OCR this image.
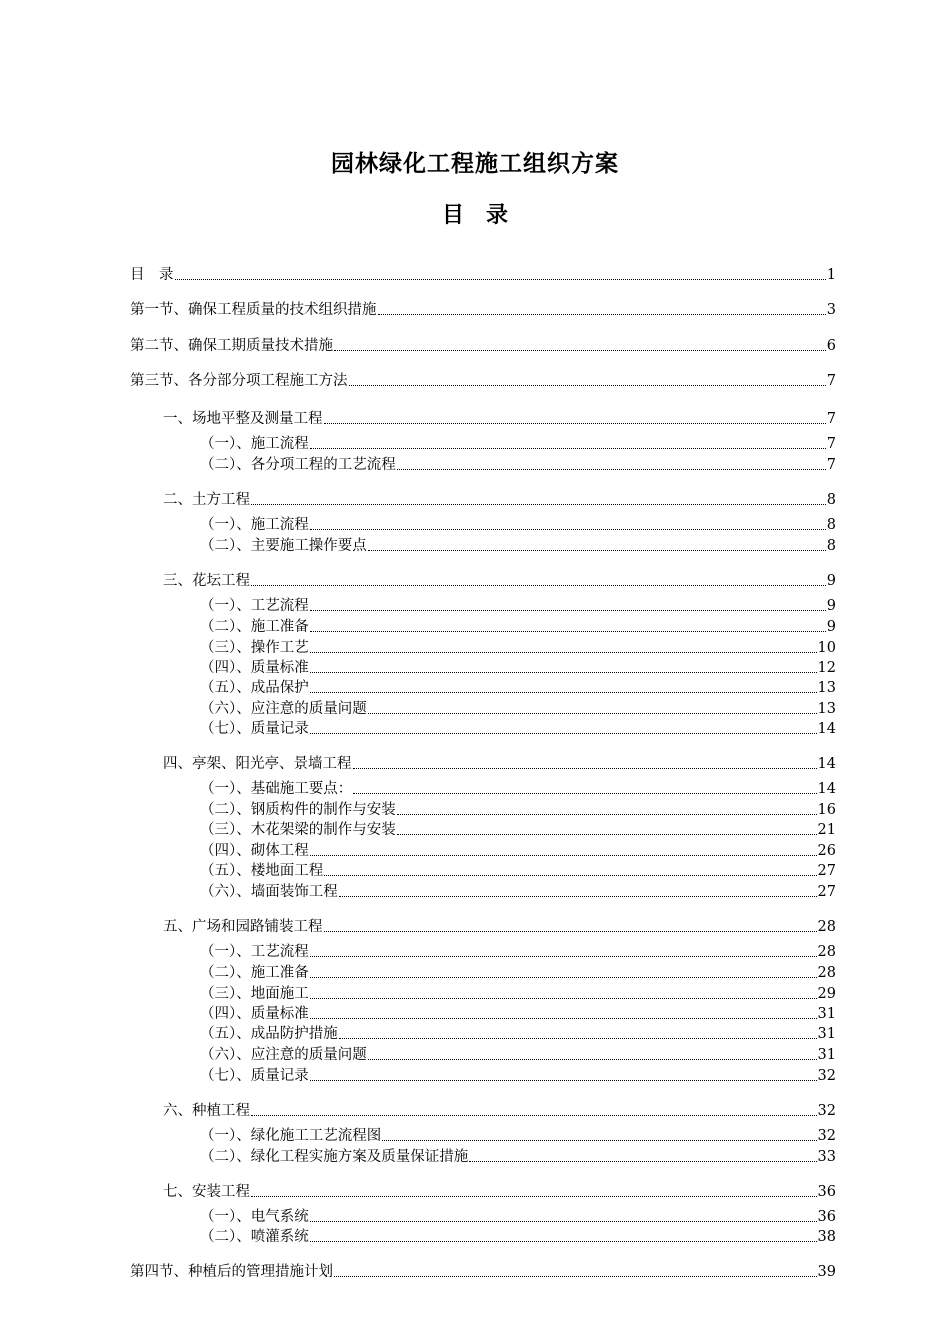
园林绿化工程施工组织方案
目　录
目　录	1
第一节、确保工程质量的技术组织措施	3
第二节、确保工期质量技术措施	6
第三节、各分部分项工程施工方法	7
一、场地平整及测量工程	7
（一）、施工流程	7
（二）、各分项工程的工艺流程	7
二、土方工程	8
（一）、施工流程	8
（二）、主要施工操作要点	8
三、花坛工程	9
（一）、工艺流程	9
（二）、施工准备	9
（三）、操作工艺	10
（四）、质量标准	12
（五）、成品保护	13
（六）、应注意的质量问题	13
（七）、质量记录	14
四、亭架、阳光亭、景墙工程	14
（一）、基础施工要点：	14
（二）、钢质构件的制作与安装	16
（三）、木花架梁的制作与安装	21
（四）、砌体工程	26
（五）、楼地面工程	27
（六）、墙面装饰工程	27
五、广场和园路铺装工程	28
（一）、工艺流程	28
（二）、施工准备	28
（三）、地面施工	29
（四）、质量标准	31
（五）、成品防护措施	31
（六）、应注意的质量问题	31
（七）、质量记录	32
六、种植工程	32
（一）、绿化施工工艺流程图	32
（二）、绿化工程实施方案及质量保证措施	33
七、安装工程	36
（一）、电气系统	36
（二）、喷灌系统	38
第四节、种植后的管理措施计划	39
